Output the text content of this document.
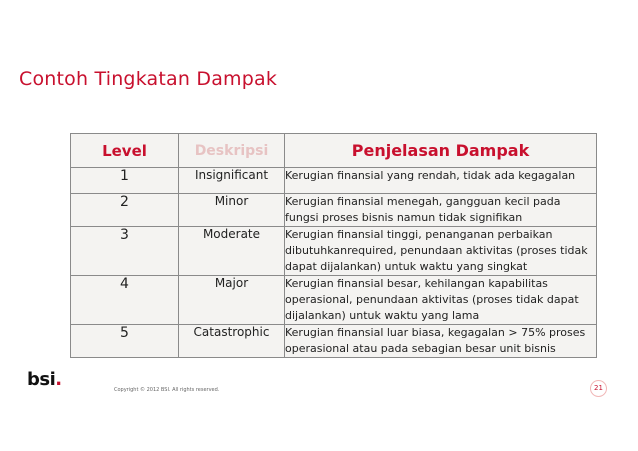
Contoh Tingkatan Dampak
Level	Deskripsi	Penjelasan Dampak
1	Insignificant	Kerugian finansial yang rendah, tidak ada kegagalan
2	Minor	Kerugian finansial menegah, gangguan kecil pada fungsi proses bisnis namun tidak signifikan
3	Moderate	Kerugian finansial tinggi, penanganan perbaikan dibutuhkanrequired, penundaan aktivitas (proses tidak dapat dijalankan) untuk waktu yang singkat
4	Major	Kerugian finansial besar, kehilangan kapabilitas operasional, penundaan aktivitas (proses tidak dapat dijalankan) untuk waktu yang lama
5	Catastrophic	Kerugian finansial luar biasa, kegagalan > 75% proses operasional atau pada sebagian besar unit bisnis
bsi.	Copyright © 2012 BSI. All rights reserved.	21
